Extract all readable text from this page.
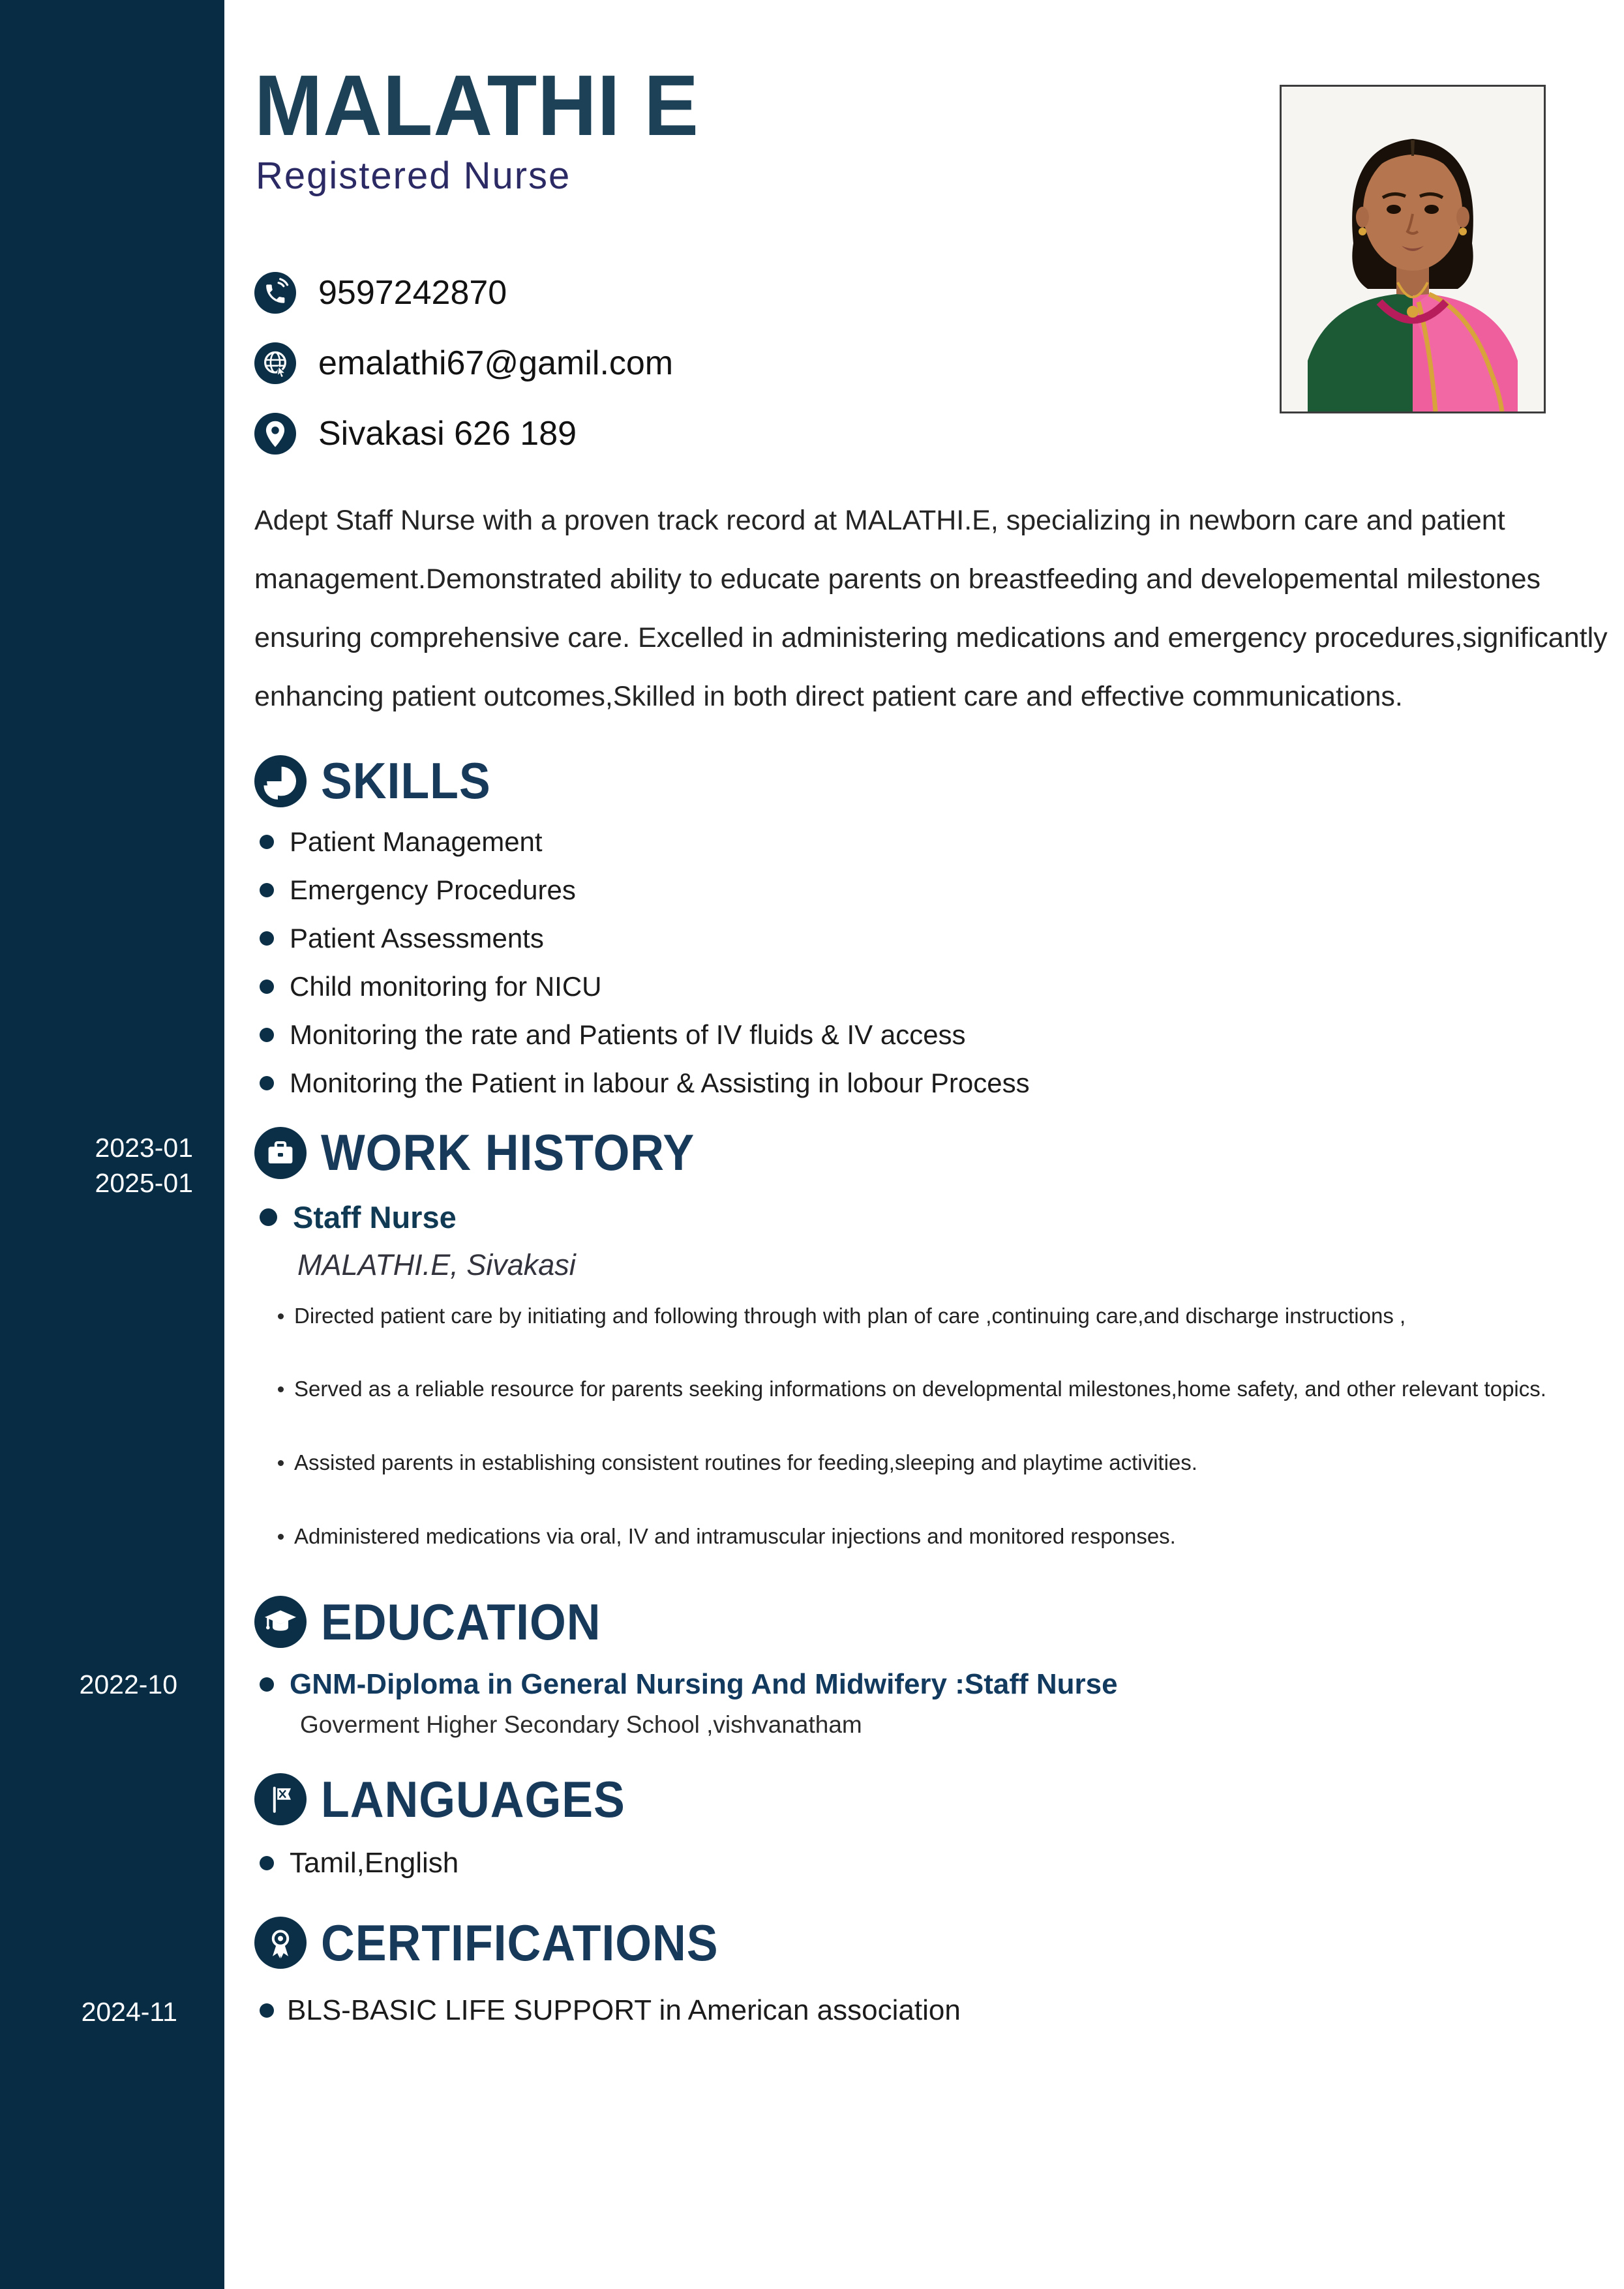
MALATHI E
Registered Nurse
9597242870
emalathi67@gamil.com
Sivakasi 626 189

Adept Staff Nurse with a proven track record at MALATHI.E, specializing in newborn care and patient management.Demonstrated ability to educate parents on breastfeeding and developemental milestones ensuring comprehensive care. Excelled in administering medications and emergency procedures,significantly enhancing patient outcomes,Skilled in both direct patient care and effective communications.

SKILLS
Patient Management
Emergency Procedures
Patient Assessments
Child monitoring for NICU
Monitoring the rate and Patients of IV fluids & IV access
Monitoring the Patient in labour & Assisting in lobour Process
2023-01
2025-01
WORK HISTORY
Staff Nurse
MALATHI.E, Sivakasi
Directed patient care by initiating and following through with plan of care ,continuing care,and discharge instructions ,
Served as a reliable resource for parents seeking informations on developmental milestones,home safety, and other relevant topics.
Assisted parents in establishing consistent routines for feeding,sleeping and playtime activities.
Administered medications via oral, IV and intramuscular injections and monitored responses.
EDUCATION
2022-10	GNM-Diploma in General Nursing And Midwifery :Staff Nurse
Goverment Higher Secondary School ,vishvanatham
LANGUAGES
Tamil,English
CERTIFICATIONS
2024-11	BLS-BASIC LIFE SUPPORT in American association
